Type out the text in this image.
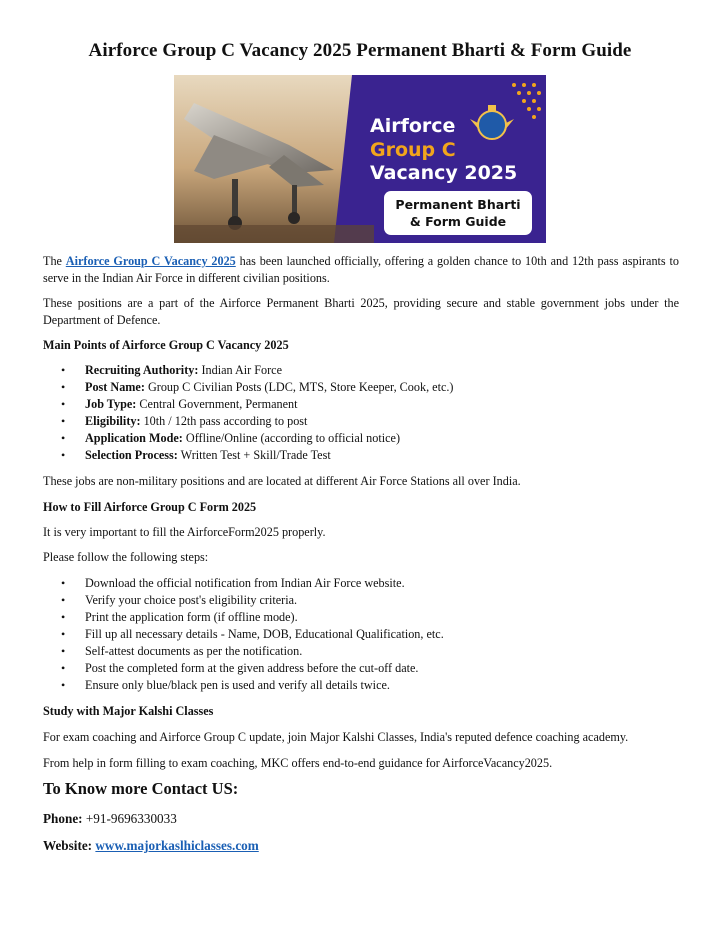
Airforce Group C Vacancy 2025 Permanent Bharti & Form Guide
Airforce
Group C
Vacancy 2025
Permanent Bharti
& Form Guide

The Airforce Group C Vacancy 2025 has been launched officially, offering a golden chance to 10th and 12th pass aspirants to serve in the Indian Air Force in different civilian positions.

These positions are a part of the Airforce Permanent Bharti 2025, providing secure and stable government jobs under the Department of Defence.

Main Points of Airforce Group C Vacancy 2025

• Recruiting Authority: Indian Air Force
• Post Name: Group C Civilian Posts (LDC, MTS, Store Keeper, Cook, etc.)
• Job Type: Central Government, Permanent
• Eligibility: 10th / 12th pass according to post
• Application Mode: Offline/Online (according to official notice)
• Selection Process: Written Test + Skill/Trade Test

These jobs are non-military positions and are located at different Air Force Stations all over India.

How to Fill Airforce Group C Form 2025

It is very important to fill the AirforceForm2025 properly.

Please follow the following steps:

• Download the official notification from Indian Air Force website.
• Verify your choice post's eligibility criteria.
• Print the application form (if offline mode).
• Fill up all necessary details - Name, DOB, Educational Qualification, etc.
• Self-attest documents as per the notification.
• Post the completed form at the given address before the cut-off date.
• Ensure only blue/black pen is used and verify all details twice.

Study with Major Kalshi Classes

For exam coaching and Airforce Group C update, join Major Kalshi Classes, India's reputed defence coaching academy.

From help in form filling to exam coaching, MKC offers end-to-end guidance for AirforceVacancy2025.

To Know more Contact US:

Phone: +91-9696330033

Website: www.majorkaslhiclasses.com
